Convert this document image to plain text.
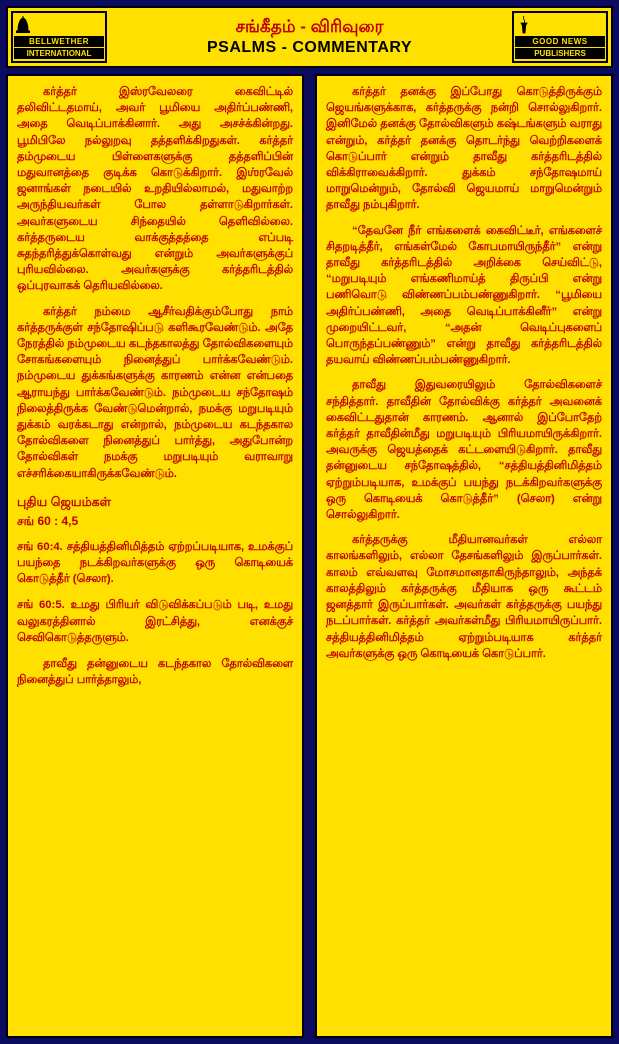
BELLWETHER
INTERNATIONAL
சங்கீதம் - விரிவுரை
PSALMS - COMMENTARY	GOOD NEWS
PUBLISHERS

கர்த்தர் இஸ்ரவேலரை கைவிட்டில் தலிவிட்டதமாய், அவர் பூமியை அதிர்ப்பண்ணி, அதை வெடிப்பாக்கினார். அது அசச்க்கின்றது. பூமிபிலே நல்லுறவு தத்தளிக்கிறதுகள். கர்த்தர் தம்முடைய பிள்ளைகளுக்கு தத்தளிப்பின் மதுவானத்தை குடிக்க கொடுக்கிறார். இஶ்ரவேல் ஜனாங்கள் நடையில் உறதியில்லாமல், மதுவாற்ற அருந்தியவர்கள் போல தள்ளாடுகிறார்கள். அவர்களுடைய சிந்தையில் தெளிவில்லை. கர்த்தருடைய வாக்குத்தத்தை எப்படி சுதந்தரித்துக்கொள்வது என்றும் அவர்களுக்குப் புரியவில்லை. அவர்களுக்கு கர்த்தரிடத்தில் ஒப்புரவாகக் தெரியவில்லை.

கர்த்தர் நம்மை ஆசீர்வதிக்கும்போது நாம் கர்த்தருக்குள் சந்தோஷிப்படு களிகூரவேண்டும். அதே நேரத்தில் நம்முடைய கடந்தகாலத்து தோல்விகளையும் சோகங்களையும் நினைத்துப் பார்க்கவேண்டும். நம்முடைய துக்கங்களுக்கு காரணம் என்ன என்பதை ஆராயந்து பார்க்கவேண்டும். நம்முடைய சந்தோஷம் நிலைத்திருக்க வேண்டுமென்றால், நமக்கு மறுபடியும் துக்கம் வரக்கடாது என்றால், நம்முடைய கடந்தகால தோல்விகளை நினைத்துப் பார்த்து, அதுபோன்ற தோல்விகள் நமக்கு மறுபடியும் வராவாறு எச்சரிக்கையாகிருக்கவேண்டும்.

புதிய ஜெயம்கள்

சங் 60 : 4,5

சங் 60:4. சத்தியத்தினிமித்தம் ஏற்றப்படியாக, உமக்குப் பயந்தை நடக்கிறவர்களுக்கு ஒரு கொடியைக் கொடுத்தீர் (செலா).

சங் 60:5. உமது பிரியர் விடுவிக்கப்படும் படி, உமது வலுகரத்தினால் இரட்சித்து, எனக்குச் செவிகொடுத்தருளும்.

தாவீது தன்னுடைய கடந்தகால தோல்விகளை நினைத்துப் பார்த்தாலும்,

கர்த்தர் தனக்கு இப்போது கொடுத்திருக்கும் ஜெயங்களுக்காக, கர்த்தருக்கு நன்றி சொல்லுகிறார். இனிமேல் தனக்கு தோல்விகளும் கஷ்டங்களும் வராது என்றும், கர்த்தர் தனக்கு தொடர்ந்து வெற்றிகளைக் கொடுப்பார் என்றும் தாவீது கர்த்தரிடத்தில் விக்கிராவைக்கிறார். துக்கம் சந்தோஷமாய் மாறுமென்றும், தோல்வி ஜெயமாய் மாறுமென்றும் தாவீது நம்புகிறார்.

“தேவனே நீர் எங்களைக் கைவிட்டீர், எங்களைச் சிதறடித்தீர், எங்கள்மேல் கோபமாயிருந்தீர்” என்று தாவீது கர்த்தரிடத்தில் அறிக்கை செய்விட்டு, “மறுபடியும் எங்கணிமாய்த் திருப்பி என்று பணிவொடு விண்ணப்பம்பண்ணுகிறார். “பூமியை அதிர்ப்பண்ணி, அதை வெடிப்பாக்கினீர்” என்று முறையிட்டவர், “அதன் வெடிப்புகளைப் பொருந்தப்பண்ணும்” என்று தாவீது கர்த்தரிடத்தில் தயவாய் விண்ணப்பம்பண்ணுகிறார்.

தாவீது இதுவரையிலும் தோல்விகளைச் சந்தித்தார். தாவீதின் தோல்விக்கு கர்த்தர் அவனைக் கைவிட்டதுதான் காரணம். ஆனால் இப்போதேற் கர்த்தர் தாவீதின்மீது மறுபடியும் பிரியமாயிருக்கிறார். அவருக்கு ஜெயத்தைக் கட்டளையிடுகிறார். தாவீது தன்னுடைய சந்தோஷத்தில், “சத்தியத்தினிமித்தம் ஏற்றும்படியாக, உமக்குப் பயந்து நடக்கிறவர்களுக்கு ஒரு கொடியைக் கொடுத்தீர்” (செலா) என்று சொல்லுகிறார்.

கர்த்தருக்கு மீதியானவர்கள் எல்லா காலங்களிலும், எல்லா தேசங்களிலும் இருப்பார்கள். காலம் எவ்வளவு மோசமானதாகிருந்தாலும், அந்தக் காலத்திலும் கர்த்தருக்கு மீதியாக ஒரு கூட்டம் ஜனத்தார் இருப்பார்கள். அவர்கள் கர்த்தருக்கு பயந்து நடப்பார்கள். கர்த்தர் அவர்கள்மீது பிரியமாயிருப்பார். சத்தியத்தினிமித்தம் ஏற்றும்படியாக கர்த்தர் அவர்களுக்கு ஒரு கொடியைக் கொடுப்பார்.
